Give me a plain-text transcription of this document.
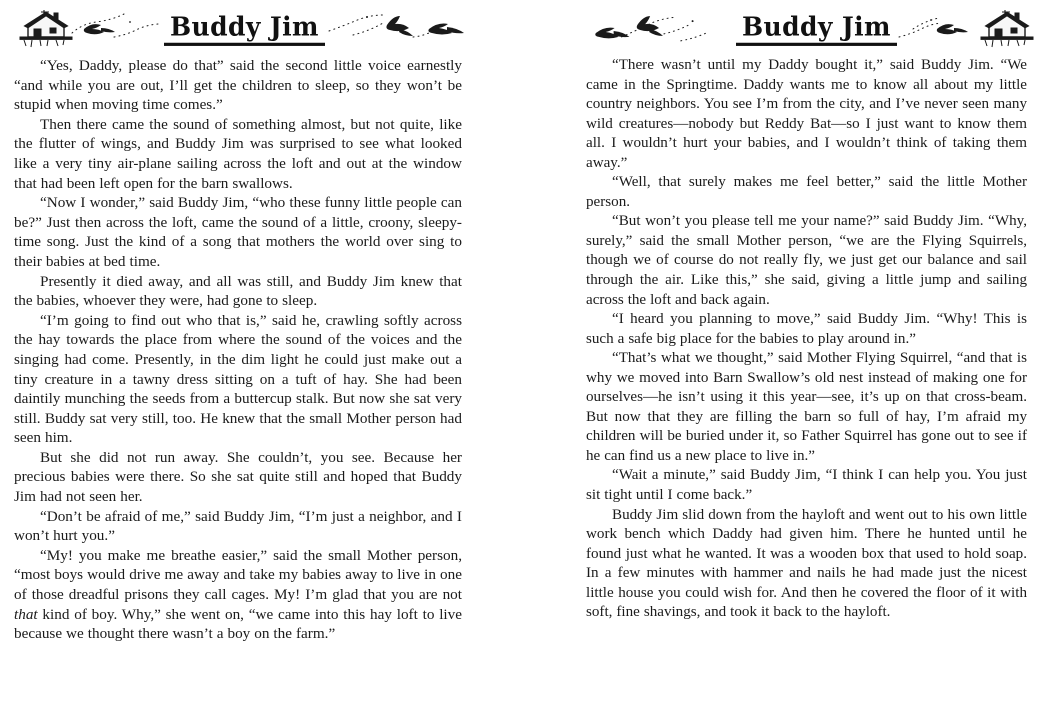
Buddy Jim

“Yes, Daddy, please do that” said the second little voice earnestly “and while you are out, I’ll get the children to sleep, so they won’t be stupid when moving time comes.”

Then there came the sound of something almost, but not quite, like the flutter of wings, and Buddy Jim was surprised to see what looked like a very tiny air-plane sailing across the loft and out at the window that had been left open for the barn swallows.

“Now I wonder,” said Buddy Jim, “who these funny little people can be?” Just then across the loft, came the sound of a little, croony, sleepy-time song. Just the kind of a song that mothers the world over sing to their babies at bed time.

Presently it died away, and all was still, and Buddy Jim knew that the babies, whoever they were, had gone to sleep.

“I’m going to find out who that is,” said he, crawling softly across the hay towards the place from where the sound of the voices and the singing had come. Presently, in the dim light he could just make out a tiny creature in a tawny dress sitting on a tuft of hay. She had been daintily munching the seeds from a buttercup stalk. But now she sat very still. Buddy sat very still, too. He knew that the small Mother person had seen him.

But she did not run away. She couldn’t, you see. Because her precious babies were there. So she sat quite still and hoped that Buddy Jim had not seen her.

“Don’t be afraid of me,” said Buddy Jim, “I’m just a neighbor, and I won’t hurt you.”

“My! you make me breathe easier,” said the small Mother person, “most boys would drive me away and take my babies away to live in one of those dreadful prisons they call cages. My! I’m glad that you are not that kind of boy. Why,” she went on, “we came into this hay loft to live because we thought there wasn’t a boy on the farm.”

Buddy Jim

“There wasn’t until my Daddy bought it,” said Buddy Jim. “We came in the Springtime. Daddy wants me to know all about my little country neighbors. You see I’m from the city, and I’ve never seen many wild creatures—nobody but Reddy Bat—so I just want to know them all. I wouldn’t hurt your babies, and I wouldn’t think of taking them away.”

“Well, that surely makes me feel better,” said the little Mother person.

“But won’t you please tell me your name?” said Buddy Jim. “Why, surely,” said the small Mother person, “we are the Flying Squirrels, though we of course do not really fly, we just get our balance and sail through the air. Like this,” she said, giving a little jump and sailing across the loft and back again.

“I heard you planning to move,” said Buddy Jim. “Why! This is such a safe big place for the babies to play around in.”

“That’s what we thought,” said Mother Flying Squirrel, “and that is why we moved into Barn Swallow’s old nest instead of making one for ourselves—he isn’t using it this year—see, it’s up on that cross-beam. But now that they are filling the barn so full of hay, I’m afraid my children will be buried under it, so Father Squirrel has gone out to see if he can find us a new place to live in.”

“Wait a minute,” said Buddy Jim, “I think I can help you. You just sit tight until I come back.”

Buddy Jim slid down from the hayloft and went out to his own little work bench which Daddy had given him. There he hunted until he found just what he wanted. It was a wooden box that used to hold soap. In a few minutes with hammer and nails he had made just the nicest little house you could wish for. And then he covered the floor of it with soft, fine shavings, and took it back to the hayloft.
